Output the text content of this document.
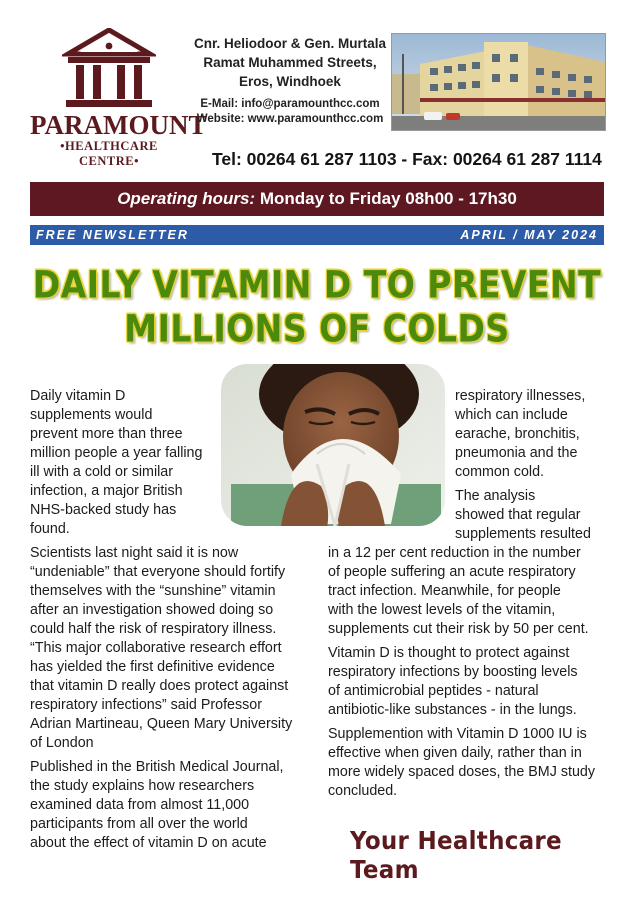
PARAMOUNT
•HEALTHCARE CENTRE•
Cnr. Heliodoor & Gen. Murtala
Ramat Muhammed Streets,
Eros, Windhoek
E-Mail: info@paramounthcc.com
Website: www.paramounthcc.com
Tel: 00264 61 287 1103 - Fax: 00264 61 287 1114
Operating hours: Monday to Friday 08h00 - 17h30
FREE NEWSLETTER	APRIL / MAY 2024
DAILY VITAMIN D TO PREVENT
MILLIONS OF COLDS
Daily vitamin D
supplements would
prevent more than three
million people a year falling
ill with a cold or similar
infection, a major British
NHS-backed study has
found.
Scientists last night said it is now
“undeniable” that everyone should fortify
themselves with the “sunshine” vitamin
after an investigation showed doing so
could half the risk of respiratory illness.
“This major collaborative research effort
has yielded the first definitive evidence
that vitamin D really does protect against
respiratory infections” said Professor
Adrian Martineau, Queen Mary University
of London
Published in the British Medical Journal,
the study explains how researchers
examined data from almost 11,000
participants from all over the world
about the effect of vitamin D on acute
respiratory illnesses,
which can include
earache, bronchitis,
pneumonia and the
common cold.
The analysis
showed that regular
supplements resulted
in a 12 per cent reduction in the number
of people suffering an acute respiratory
tract infection. Meanwhile, for people
with the lowest levels of the vitamin,
supplements cut their risk by 50 per cent.
Vitamin D is thought to protect against
respiratory infections by boosting levels
of antimicrobial peptides - natural
antibiotic-like substances - in the lungs.
Supplemention with Vitamin D 1000 IU is
effective when given daily, rather than in
more widely spaced doses, the BMJ study
concluded.
Your Healthcare Team
